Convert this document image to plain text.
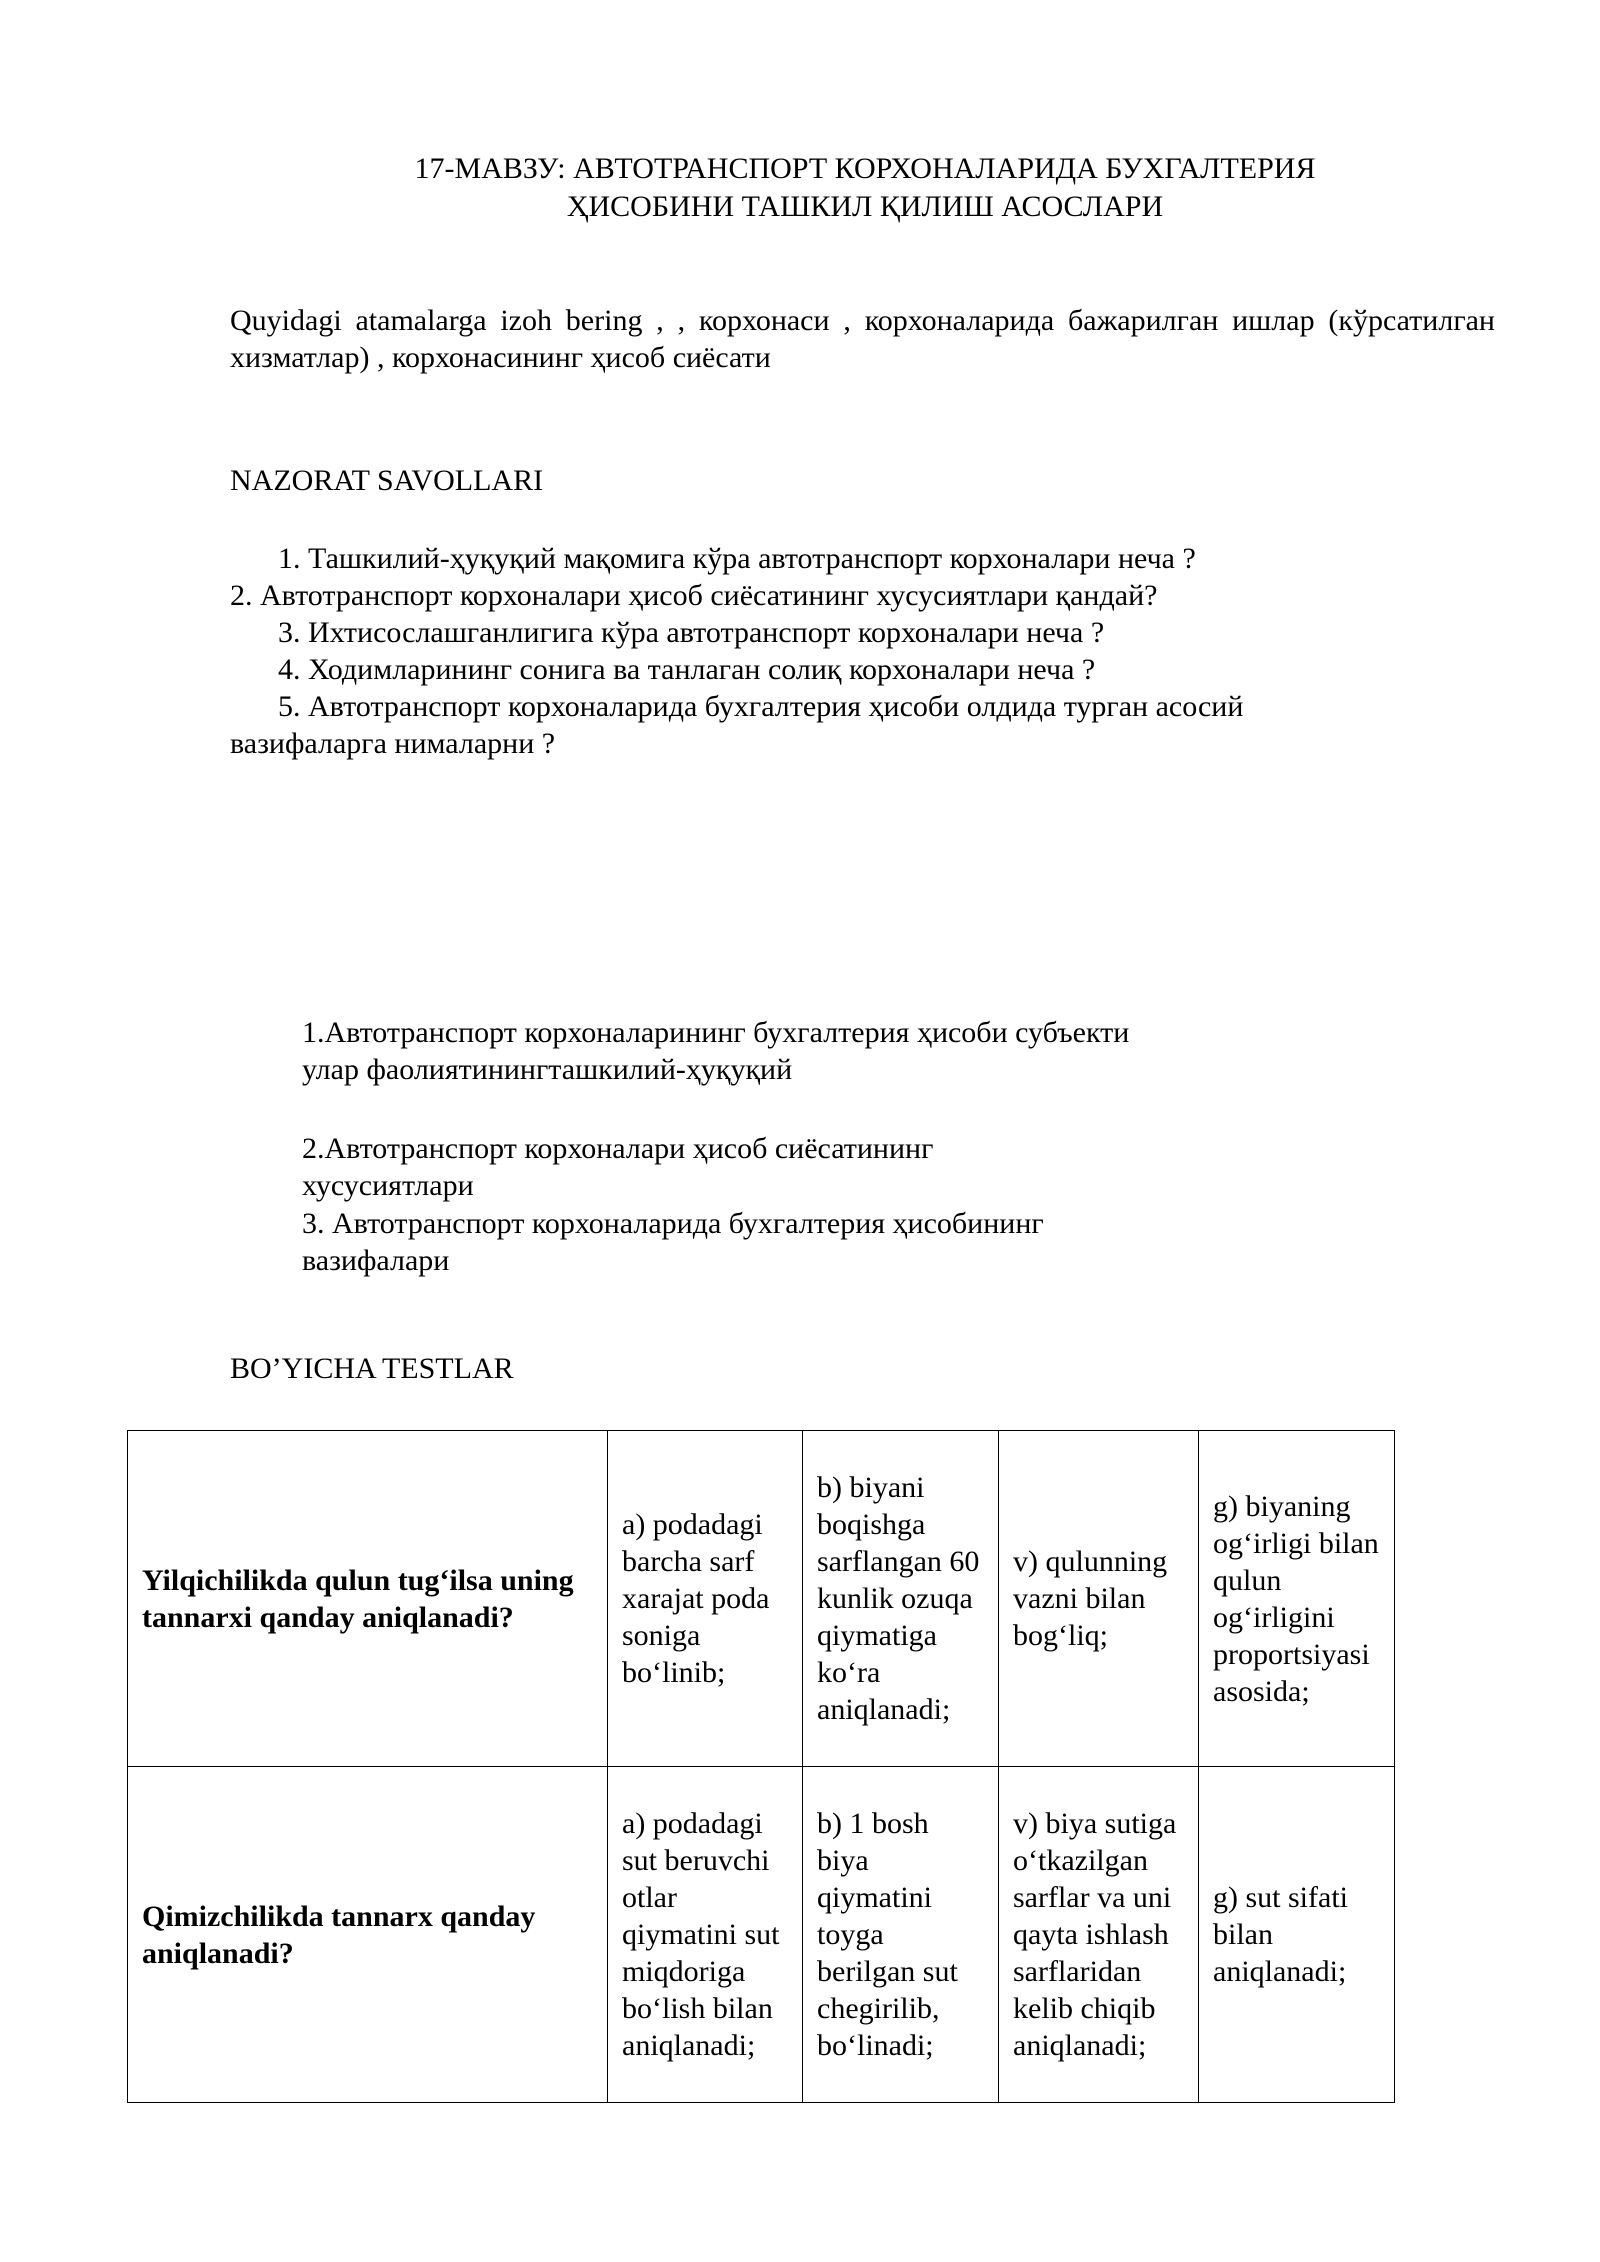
17-МАВЗУ: АВТОТРАНСПОРТ КОРХОНАЛАРИДА БУХГАЛТЕРИЯ
ҲИСОБИНИ ТАШКИЛ ҚИЛИШ АСОСЛАРИ
Quyidagi atamalarga izoh bering , , корхонаси , корхоналарида бажарилган ишлар (кўрсатилган хизматлар) , корхонасининг ҳисоб сиёсати
NAZORAT SAVOLLARI
1. Ташкилий-ҳуқуқий мақомига кўра автотранспорт корхоналари неча ?
2. Автотранспорт корхоналари ҳисоб сиёсатининг хусусиятлари қандай?
3. Ихтисослашганлигига кўра автотранспорт корхоналари неча ?
4. Ходимларининг сонига ва танлаган солиқ корхоналари неча ?
5. Автотранспорт корхоналарида бухгалтерия ҳисоби олдида турган асосий
вазифаларга нималарни ?
1.Автотранспорт корхоналарининг бухгалтерия ҳисоби субъекти
улар фаолиятинингташкилий-ҳуқуқий
2.Автотранспорт корхоналари ҳисоб сиёсатининг
хусусиятлари
3. Автотранспорт корхоналарида бухгалтерия ҳисобининг
вазифалари
BO’YICHA TESTLAR
Yilqichilikda qulun tug‘ilsa uning tannarxi qanday aniqlanadi?	a) podadagi barcha sarf xarajat poda soniga bo‘linib;	b) biyani boqishga sarflangan 60 kunlik ozuqa qiymatiga ko‘ra aniqlanadi;	v) qulunning vazni bilan bog‘liq;	g) biyaning og‘irligi bilan qulun og‘irligini proportsiyasi asosida;
Qimizchilikda tannarx qanday aniqlanadi?	a) podadagi sut beruvchi otlar qiymatini sut miqdoriga bo‘lish bilan aniqlanadi;	b) 1 bosh biya qiymatini toyga berilgan sut chegirilib, bo‘linadi;	v) biya sutiga o‘tkazilgan sarflar va uni qayta ishlash sarflaridan kelib chiqib aniqlanadi;	g) sut sifati bilan aniqlanadi;
